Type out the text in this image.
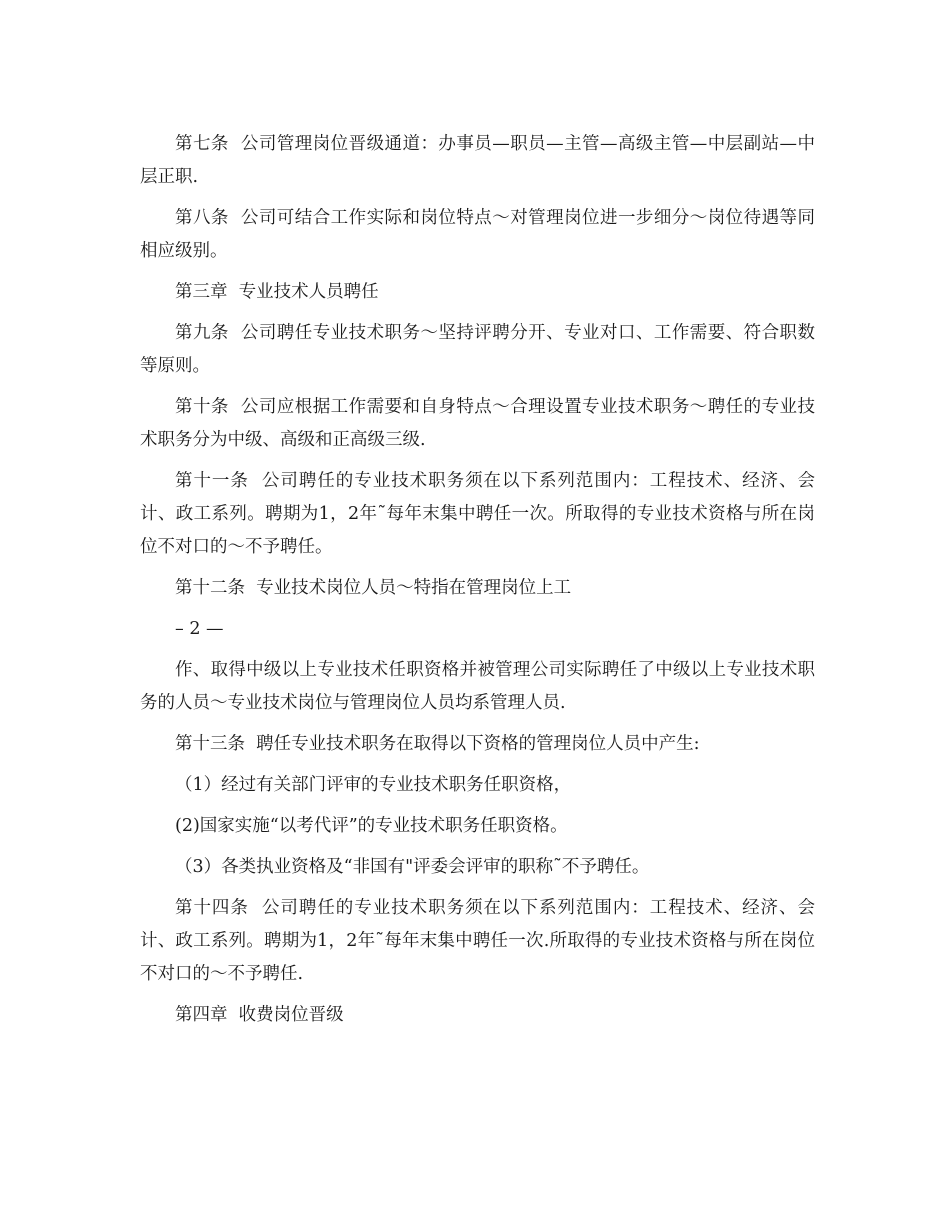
第七条  公司管理岗位晋级通道：办事员—职员—主管—高级主管—中层副站—中层正职.

第八条  公司可结合工作实际和岗位特点～对管理岗位进一步细分～岗位待遇等同相应级别。

第三章  专业技术人员聘任

第九条  公司聘任专业技术职务～坚持评聘分开、专业对口、工作需要、符合职数等原则。

第十条  公司应根据工作需要和自身特点～合理设置专业技术职务～聘任的专业技术职务分为中级、高级和正高级三级.

第十一条  公司聘任的专业技术职务须在以下系列范围内：工程技术、经济、会计、政工系列。聘期为1，2年˜每年末集中聘任一次。所取得的专业技术资格与所在岗位不对口的～不予聘任。

第十二条  专业技术岗位人员～特指在管理岗位上工

– 2 —

作、取得中级以上专业技术任职资格并被管理公司实际聘任了中级以上专业技术职务的人员～专业技术岗位与管理岗位人员均系管理人员.

第十三条  聘任专业技术职务在取得以下资格的管理岗位人员中产生:

（1）经过有关部门评审的专业技术职务任职资格，

(2)国家实施“以考代评”的专业技术职务任职资格。

（3）各类执业资格及“非国有"评委会评审的职称˜不予聘任。

第十四条  公司聘任的专业技术职务须在以下系列范围内：工程技术、经济、会计、政工系列。聘期为1，2年˜每年末集中聘任一次.所取得的专业技术资格与所在岗位不对口的～不予聘任.

第四章  收费岗位晋级
